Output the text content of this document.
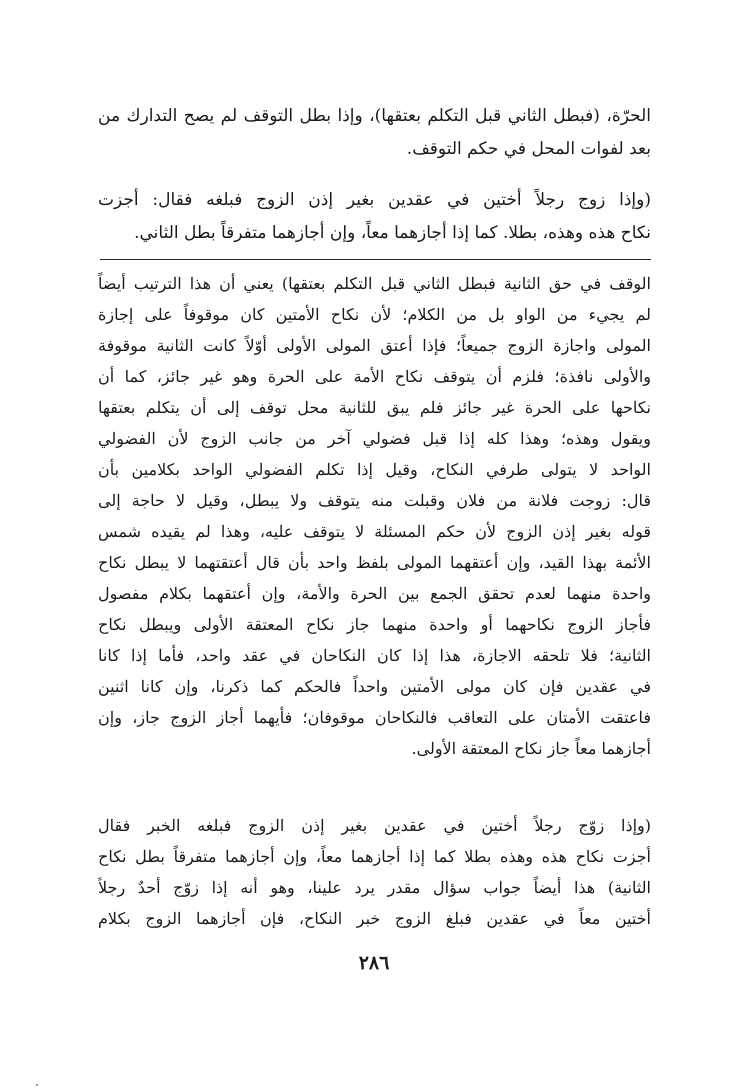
الحرّة، (فبطل الثاني قبل التكلم بعتقها)، وإذا بطل التوقف لم يصح التدارك من
بعد لفوات المحل في حكم التوقف.
(وإذا زوج رجلاً أختين في عقدين بغير إذن الزوج فبلغه فقال: أجزت
نكاح هذه وهذه، بطلا. كما إذا أجازهما معاً، وإن أجازهما متفرقاً بطل الثاني.
الوقف في حق الثانية فبطل الثاني قبل التكلم بعتقها) يعني أن هذا الترتيب أيضاً
لم يجيء من الواو بل من الكلام؛ لأن نكاح الأمتين كان موقوفاً على إجازة
المولى واجازة الزوج جميعاً؛ فإذا أعتق المولى الأولى أوّلاً كانت الثانية موقوفة
والأولى نافذة؛ فلزم أن يتوقف نكاح الأمة على الحرة وهو غير جائز، كما أن
نكاحها على الحرة غير جائز فلم يبق للثانية محل توقف إلى أن يتكلم بعتقها
ويقول وهذه؛ وهذا كله إذا قبل فضولي آخر من جانب الزوج لأن الفضولي
الواحد لا يتولى طرفي النكاح، وقيل إذا تكلم الفضولي الواحد بكلامين بأن
قال: زوجت فلانة من فلان وقبلت منه يتوقف ولا يبطل، وقيل لا حاجة إلى
قوله بغير إذن الزوج لأن حكم المسئلة لا يتوقف عليه، وهذا لم يقيده شمس
الأئمة بهذا القيد، وإن أعتقهما المولى بلفظ واحد بأن قال أعتقتهما لا يبطل نكاح
واحدة منهما لعدم تحقق الجمع بين الحرة والأمة، وإن أعتقهما بكلام مفصول
فأجاز الزوج نكاحهما أو واحدة منهما جاز نكاح المعتقة الأولى ويبطل نكاح
الثانية؛ فلا تلحقه الاجازة، هذا إذا كان النكاحان في عقد واحد، فأما إذا كانا
في عقدين فإن كان مولى الأمتين واحداً فالحكم كما ذكرنا، وإن كانا اثنين
فاعتقت الأمتان على التعاقب فالنكاحان موقوفان؛ فأيهما أجاز الزوج جاز، وإن
أجازهما معاً جاز نكاح المعتقة الأولى.
(وإذا زوّج رجلاً أختين في عقدين بغير إذن الزوج فبلغه الخبر فقال
أجزت نكاح هذه وهذه بطلا كما إذا أجازهما معاً، وإن أجازهما متفرقاً بطل نكاح
الثانية) هذا أيضاً جواب سؤال مقدر يرد علينا، وهو أنه إذا زوّج أحدٌ رجلاً
أختين معاً في عقدين فبلغ الزوج خبر النكاح، فإن أجازهما الزوج بكلام
٢٨٦
